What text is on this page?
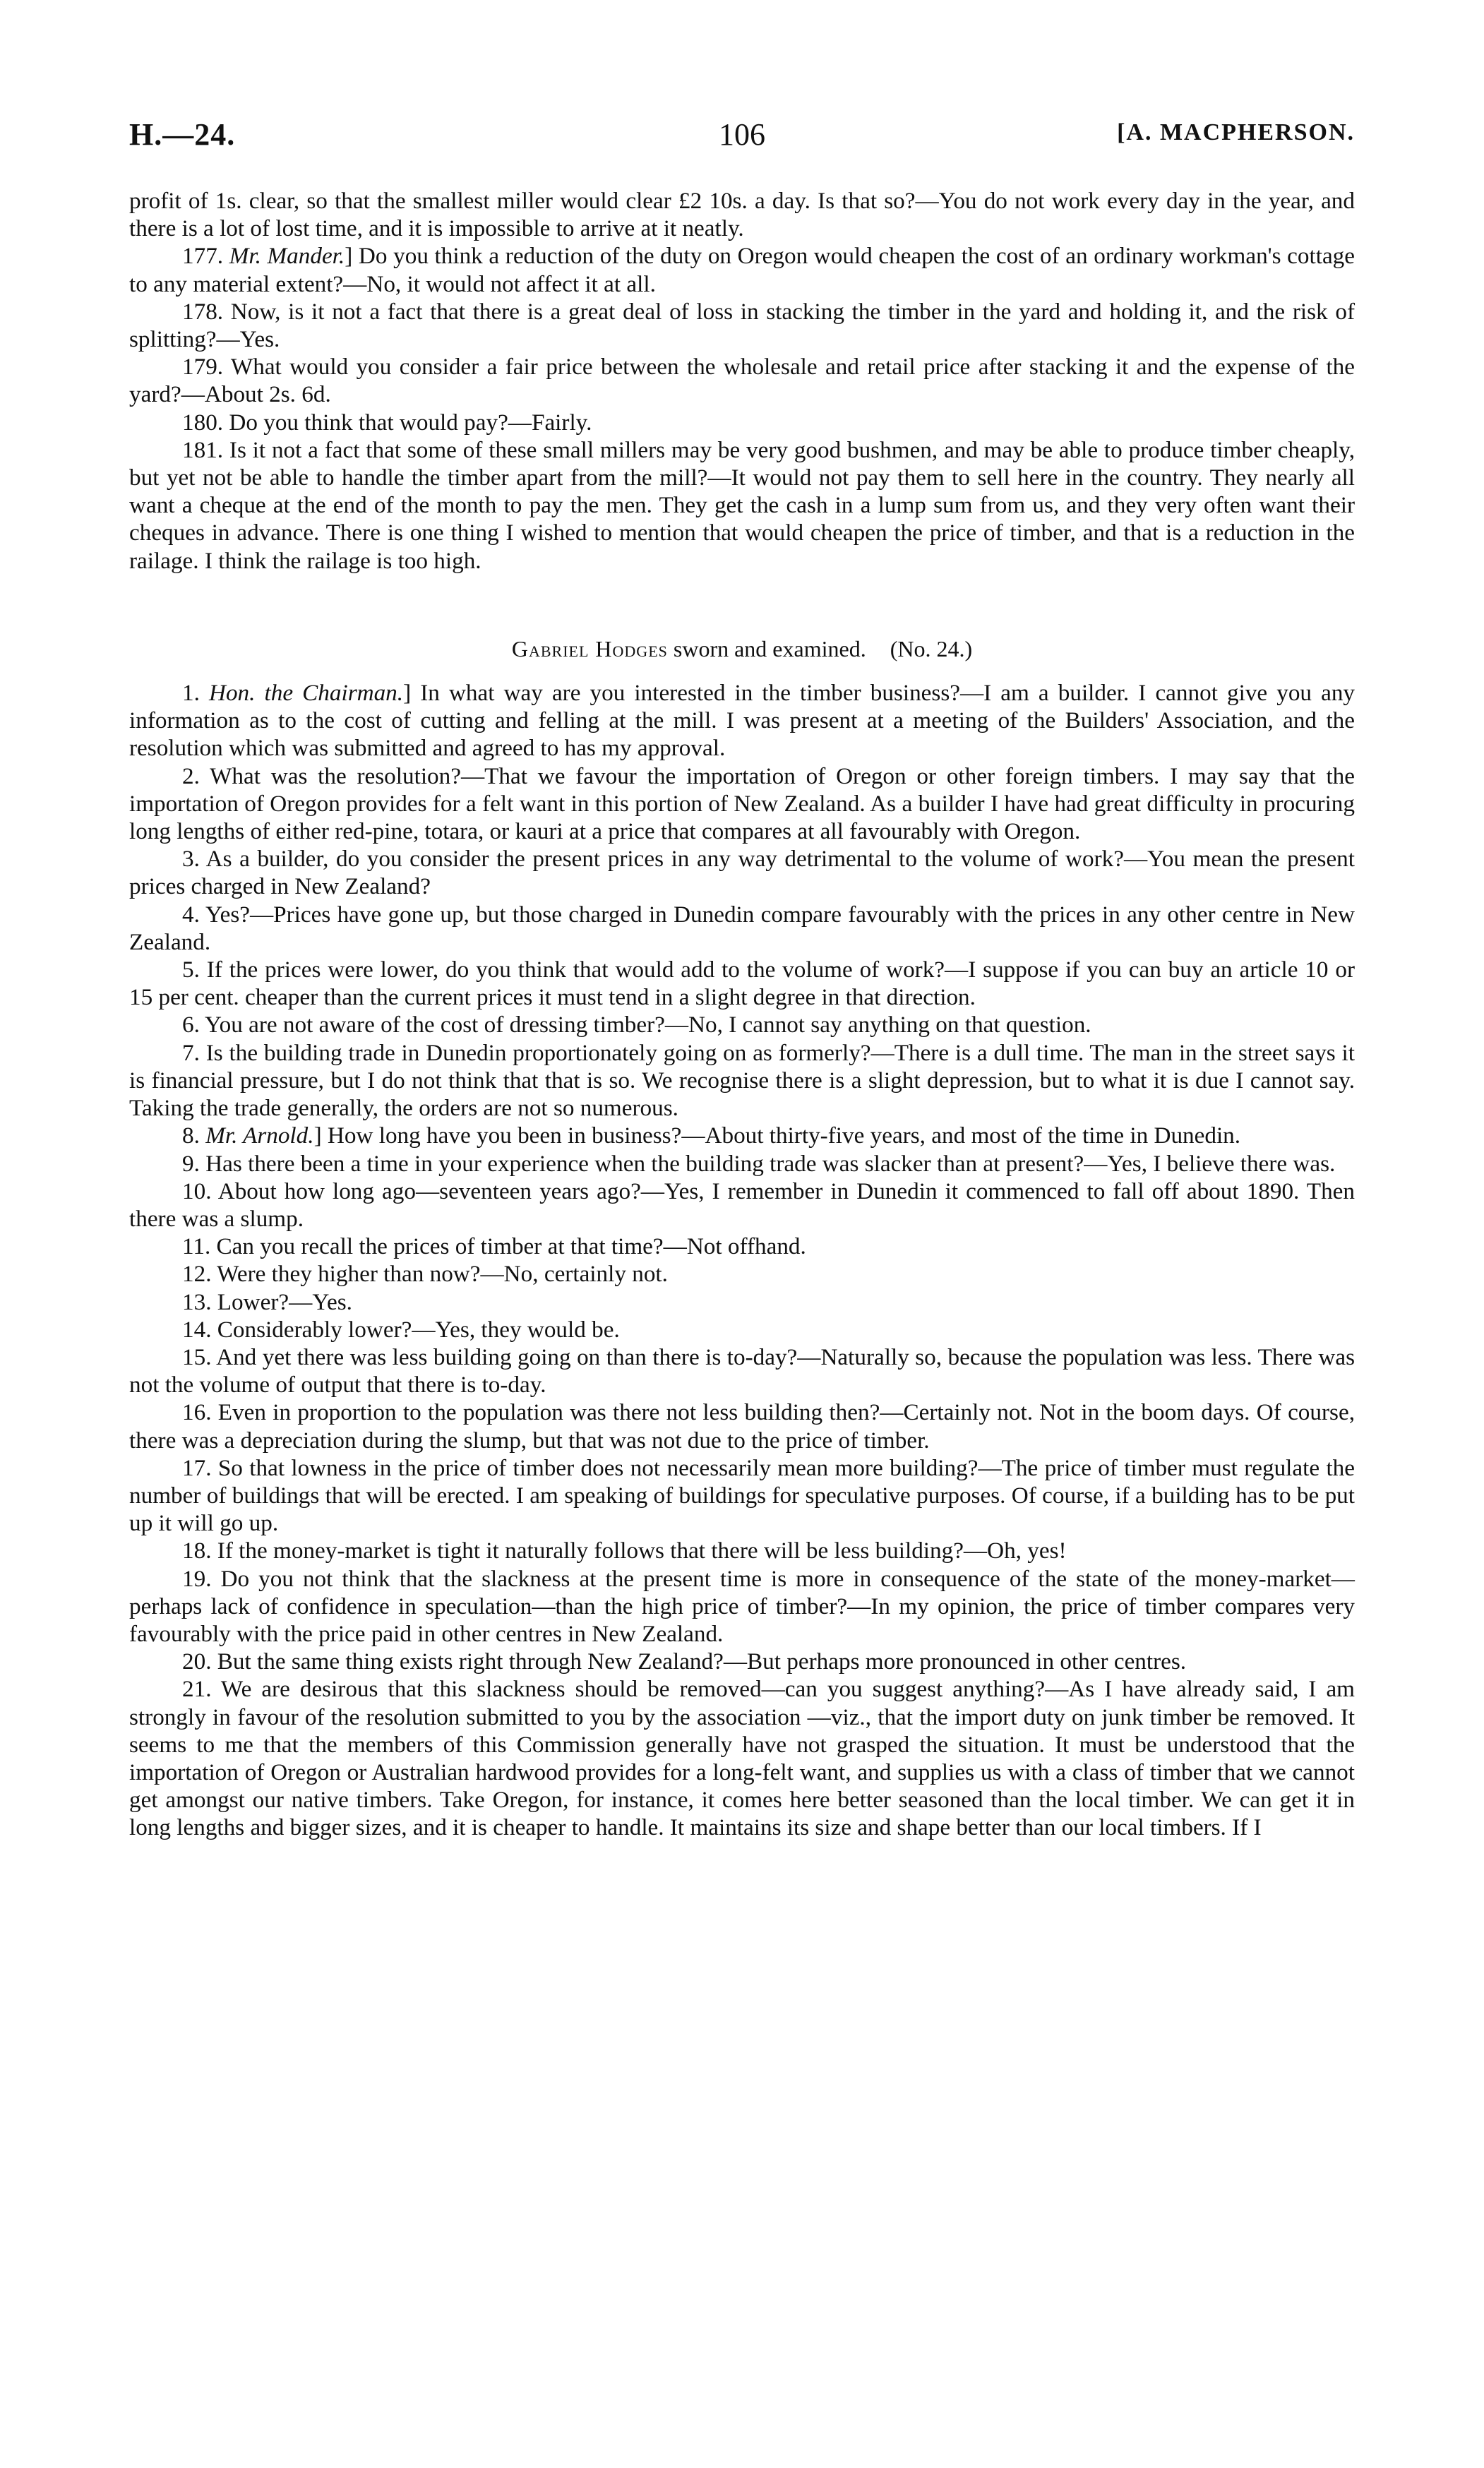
H.—24.	106	[A. MACPHERSON.

profit of 1s. clear, so that the smallest miller would clear £2 10s. a day. Is that so?—You do not work every day in the year, and there is a lot of lost time, and it is impossible to arrive at it neatly.

177. Mr. Mander.] Do you think a reduction of the duty on Oregon would cheapen the cost of an ordinary workman's cottage to any material extent?—No, it would not affect it at all.

178. Now, is it not a fact that there is a great deal of loss in stacking the timber in the yard and holding it, and the risk of splitting?—Yes.

179. What would you consider a fair price between the wholesale and retail price after stacking it and the expense of the yard?—About 2s. 6d.

180. Do you think that would pay?—Fairly.

181. Is it not a fact that some of these small millers may be very good bushmen, and may be able to produce timber cheaply, but yet not be able to handle the timber apart from the mill?—It would not pay them to sell here in the country. They nearly all want a cheque at the end of the month to pay the men. They get the cash in a lump sum from us, and they very often want their cheques in advance. There is one thing I wished to mention that would cheapen the price of timber, and that is a reduction in the railage. I think the railage is too high.

Gabriel Hodges sworn and examined. (No. 24.)

1. Hon. the Chairman.] In what way are you interested in the timber business?—I am a builder. I cannot give you any information as to the cost of cutting and felling at the mill. I was present at a meeting of the Builders' Association, and the resolution which was submitted and agreed to has my approval.

2. What was the resolution?—That we favour the importation of Oregon or other foreign timbers. I may say that the importation of Oregon provides for a felt want in this portion of New Zealand. As a builder I have had great difficulty in procuring long lengths of either red-pine, totara, or kauri at a price that compares at all favourably with Oregon.

3. As a builder, do you consider the present prices in any way detrimental to the volume of work?—You mean the present prices charged in New Zealand?

4. Yes?—Prices have gone up, but those charged in Dunedin compare favourably with the prices in any other centre in New Zealand.

5. If the prices were lower, do you think that would add to the volume of work?—I suppose if you can buy an article 10 or 15 per cent. cheaper than the current prices it must tend in a slight degree in that direction.

6. You are not aware of the cost of dressing timber?—No, I cannot say anything on that question.

7. Is the building trade in Dunedin proportionately going on as formerly?—There is a dull time. The man in the street says it is financial pressure, but I do not think that that is so. We recognise there is a slight depression, but to what it is due I cannot say. Taking the trade generally, the orders are not so numerous.

8. Mr. Arnold.] How long have you been in business?—About thirty-five years, and most of the time in Dunedin.

9. Has there been a time in your experience when the building trade was slacker than at present?—Yes, I believe there was.

10. About how long ago—seventeen years ago?—Yes, I remember in Dunedin it commenced to fall off about 1890. Then there was a slump.

11. Can you recall the prices of timber at that time?—Not offhand.

12. Were they higher than now?—No, certainly not.

13. Lower?—Yes.

14. Considerably lower?—Yes, they would be.

15. And yet there was less building going on than there is to-day?—Naturally so, because the population was less. There was not the volume of output that there is to-day.

16. Even in proportion to the population was there not less building then?—Certainly not. Not in the boom days. Of course, there was a depreciation during the slump, but that was not due to the price of timber.

17. So that lowness in the price of timber does not necessarily mean more building?—The price of timber must regulate the number of buildings that will be erected. I am speaking of buildings for speculative purposes. Of course, if a building has to be put up it will go up.

18. If the money-market is tight it naturally follows that there will be less building?—Oh, yes!

19. Do you not think that the slackness at the present time is more in consequence of the state of the money-market—perhaps lack of confidence in speculation—than the high price of timber?—In my opinion, the price of timber compares very favourably with the price paid in other centres in New Zealand.

20. But the same thing exists right through New Zealand?—But perhaps more pronounced in other centres.

21. We are desirous that this slackness should be removed—can you suggest anything?—As I have already said, I am strongly in favour of the resolution submitted to you by the association —viz., that the import duty on junk timber be removed. It seems to me that the members of this Commission generally have not grasped the situation. It must be understood that the importation of Oregon or Australian hardwood provides for a long-felt want, and supplies us with a class of timber that we cannot get amongst our native timbers. Take Oregon, for instance, it comes here better seasoned than the local timber. We can get it in long lengths and bigger sizes, and it is cheaper to handle. It maintains its size and shape better than our local timbers. If I
